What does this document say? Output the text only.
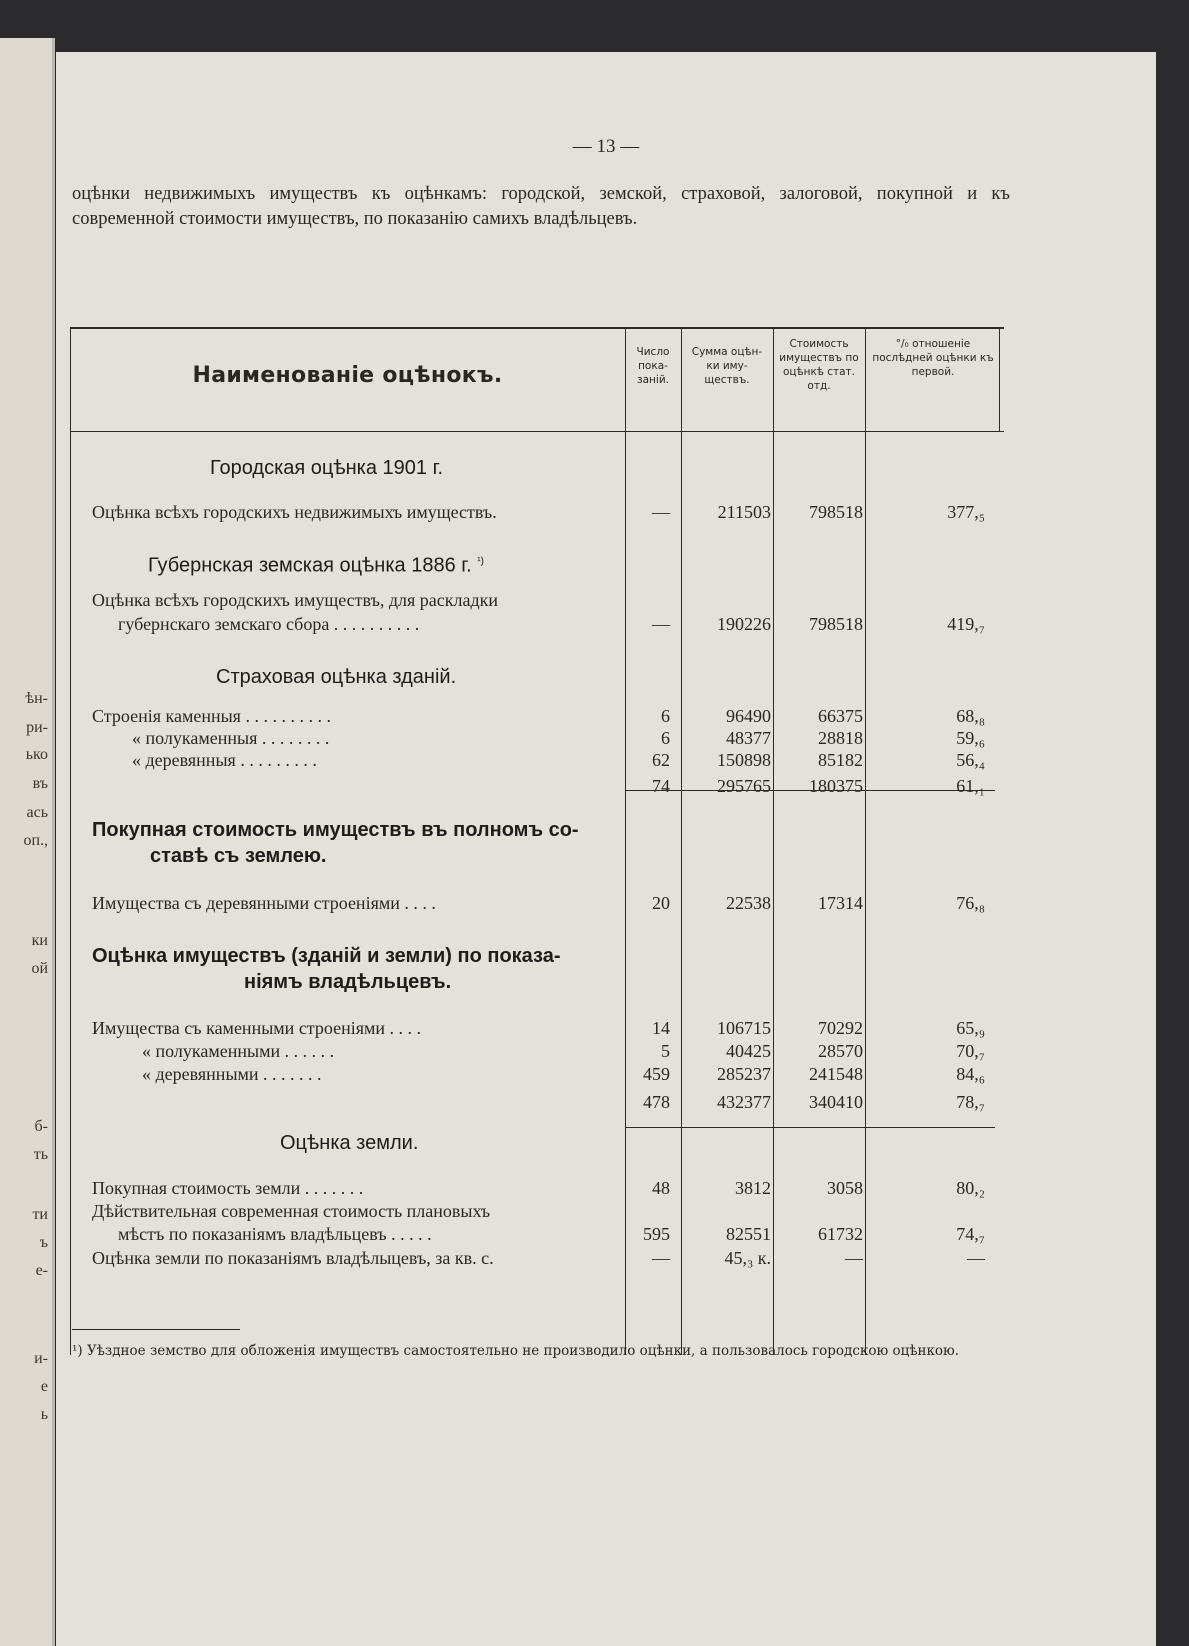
ѣн-
ри-
ько
въ
ась
оп.,
ки
ой
б-
ть
ти
ъ
е-
и-
е
ь
— 13 —
оцѣнки недвижимыхъ имуществъ къ оцѣнкамъ: городской, земской, страховой, залоговой, покупной и къ современной стоимости имуществъ, по показанію самихъ владѣльцевъ.
Наименованіе оцѣнокъ.
Число пока- заній.
Сумма оцѣн- ки иму- ществъ.
Стоимость имуществъ по оцѣнкѣ стат. отд.
°/₀ отношеніе послѣдней оцѣнки къ первой.
Городская оцѣнка 1901 г.
Оцѣнка всѣхъ городскихъ недвижимыхъ имуществъ.	—	211503	798518	377,₅
Губернская земская оцѣнка 1886 г. $^{^1)}$
Оцѣнка всѣхъ городскихъ имуществъ, для раскладки
губернскаго земскаго сбора . . . . . . . . . .	—	190226	798518	419,₇
Страховая оцѣнка зданій.
Строенія каменныя . . . . . . . . . .	6	96490	66375	68,₈
« полукаменныя . . . . . . . .	6	48377	28818	59,₆
« деревянныя . . . . . . . . .	62	150898	85182	56,₄
74	295765	180375	61,₁
Покупная стоимость имуществъ въ полномъ со-
ставѣ съ землею.
Имущества съ деревянными строеніями . . . .	20	22538	17314	76,₈
Оцѣнка имуществъ (зданій и земли) по показа-
ніямъ владѣльцевъ.
Имущества съ каменными строеніями . . . .	14	106715	70292	65,₉
« полукаменными . . . . . .	5	40425	28570	70,₇
« деревянными . . . . . . .	459	285237	241548	84,₆
478	432377	340410	78,₇
Оцѣнка земли.
Покупная стоимость земли . . . . . . .	48	3812	3058	80,₂
Дѣйствительная современная стоимость плановыхъ
мѣстъ по показаніямъ владѣльцевъ . . . . .	595	82551	61732	74,₇
Оцѣнка земли по показаніямъ владѣлыцевъ, за кв. с.	—	45,₃ к.	—	—
¹) Уѣздное земство для обложенія имуществъ самостоятельно не производило оцѣнки, а пользовалось городскою оцѣнкою.
